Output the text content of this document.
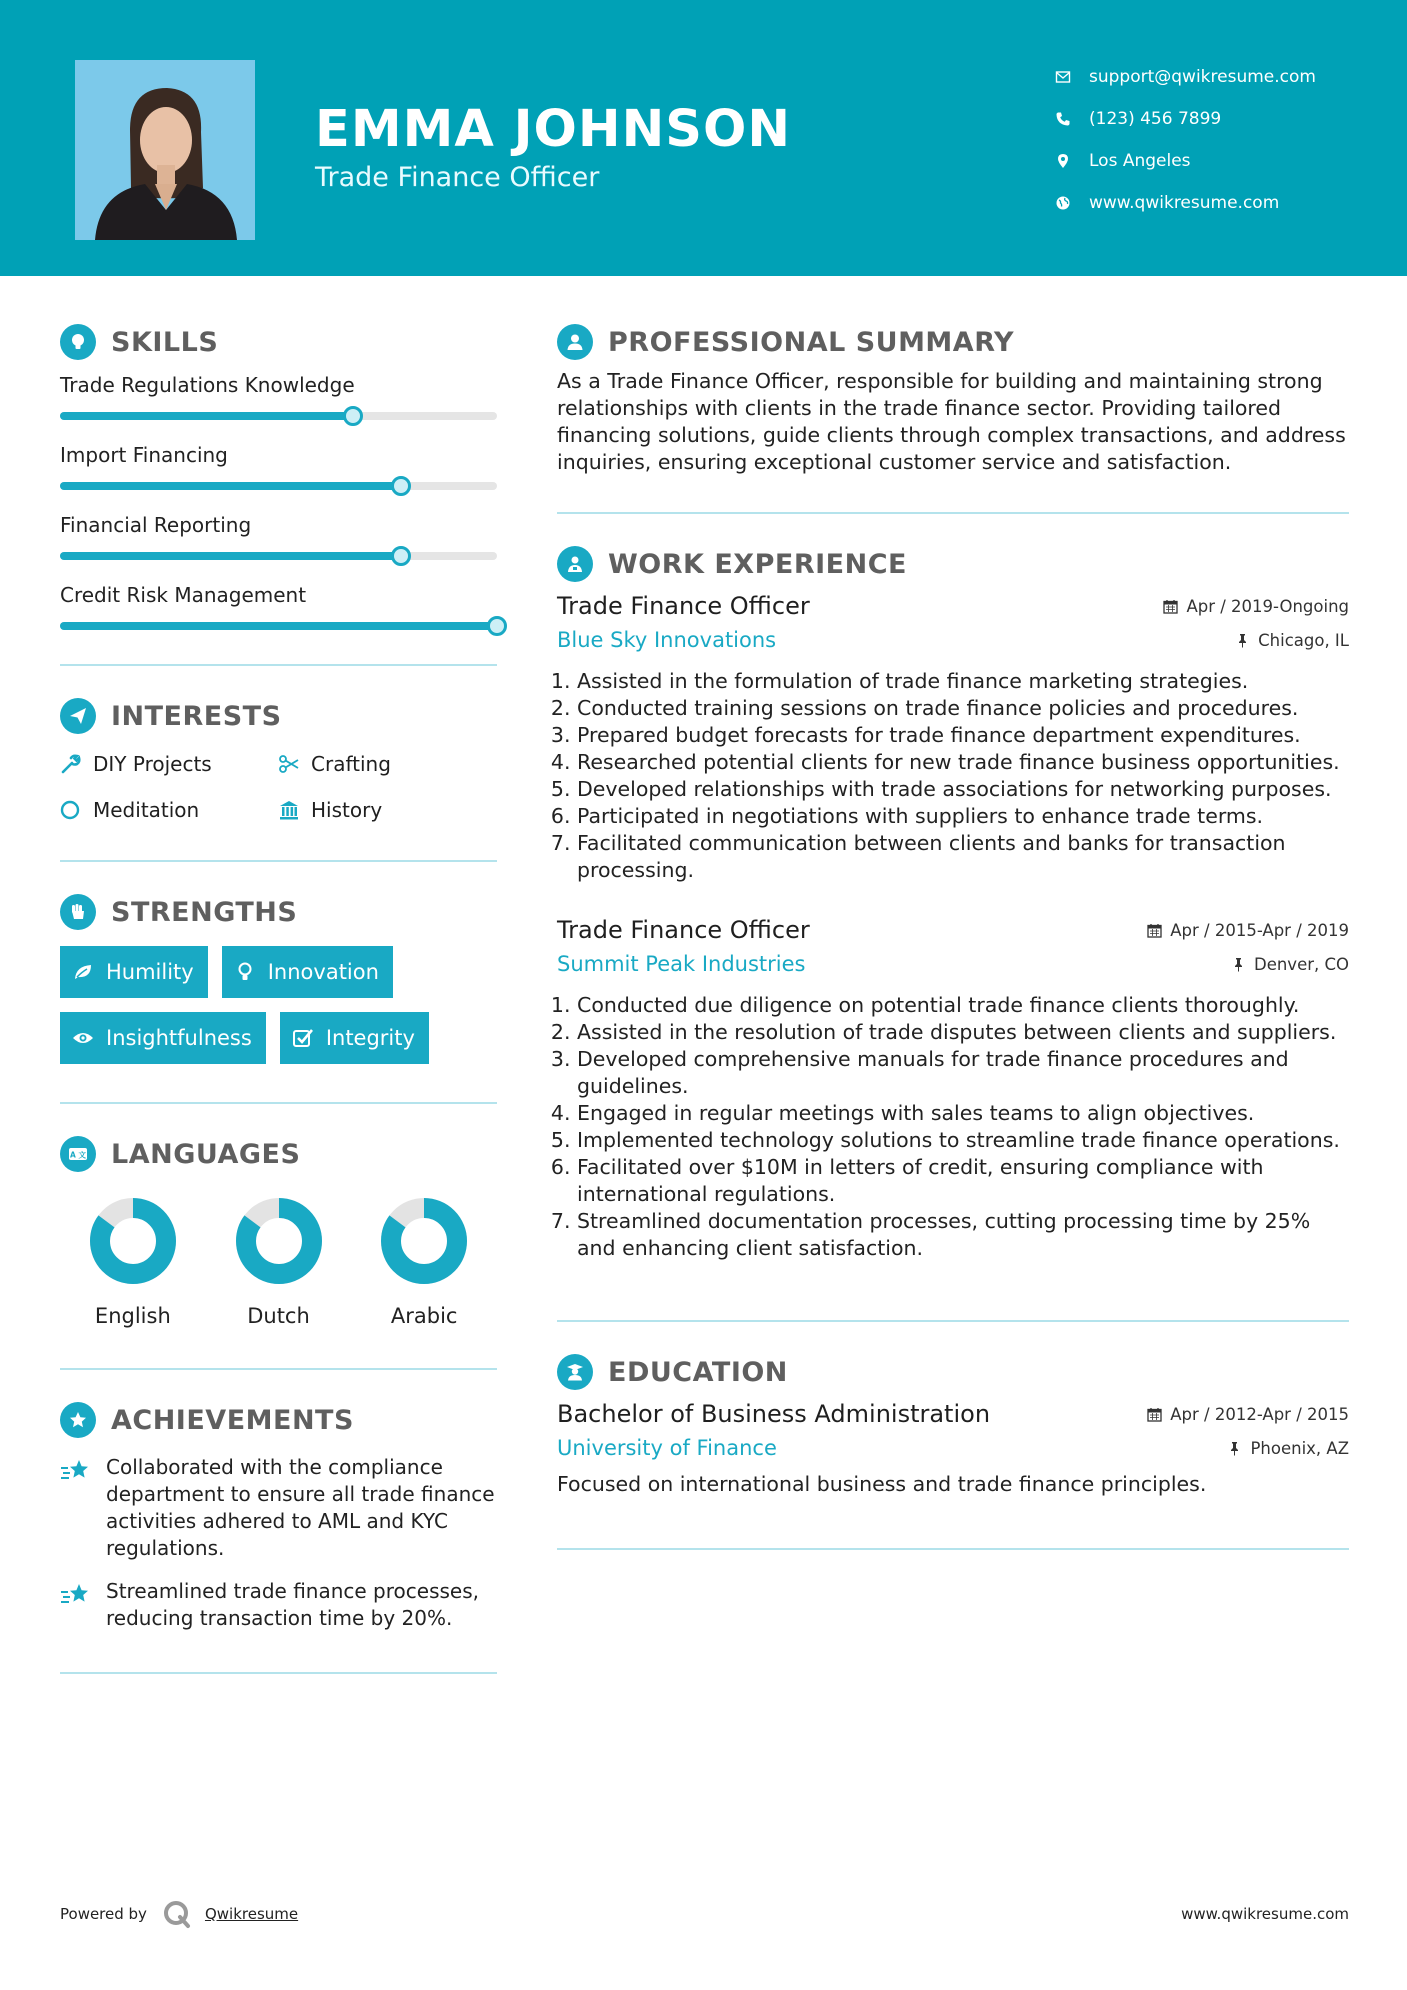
EMMA JOHNSON
Trade Finance Officer
support@qwikresume.com
(123) 456 7899
Los Angeles
www.qwikresume.com
SKILLS
Trade Regulations Knowledge
Import Financing
Financial Reporting
Credit Risk Management
INTERESTS
DIY Projects	Crafting
Meditation	History
STRENGTHS
Humility	Innovation
Insightfulness	Integrity
A 文 LANGUAGES
English	Dutch	Arabic
ACHIEVEMENTS
Collaborated with the compliance department to ensure all trade finance activities adhered to AML and KYC regulations.
Streamlined trade finance processes, reducing transaction time by 20%.
PROFESSIONAL SUMMARY
As a Trade Finance Officer, responsible for building and maintaining strong relationships with clients in the trade finance sector. Providing tailored financing solutions, guide clients through complex transactions, and address inquiries, ensuring exceptional customer service and satisfaction.
WORK EXPERIENCE
Trade Finance Officer	Apr / 2019-Ongoing
Blue Sky Innovations	Chicago, IL
1. Assisted in the formulation of trade finance marketing strategies.
2. Conducted training sessions on trade finance policies and procedures.
3. Prepared budget forecasts for trade finance department expenditures.
4. Researched potential clients for new trade finance business opportunities.
5. Developed relationships with trade associations for networking purposes.
6. Participated in negotiations with suppliers to enhance trade terms.
7. Facilitated communication between clients and banks for transaction processing.
Trade Finance Officer	Apr / 2015-Apr / 2019
Summit Peak Industries	Denver, CO
1. Conducted due diligence on potential trade finance clients thoroughly.
2. Assisted in the resolution of trade disputes between clients and suppliers.
3. Developed comprehensive manuals for trade finance procedures and guidelines.
4. Engaged in regular meetings with sales teams to align objectives.
5. Implemented technology solutions to streamline trade finance operations.
6. Facilitated over $10M in letters of credit, ensuring compliance with international regulations.
7. Streamlined documentation processes, cutting processing time by 25% and enhancing client satisfaction.
EDUCATION
Bachelor of Business Administration	Apr / 2012-Apr / 2015
University of Finance	Phoenix, AZ
Focused on international business and trade finance principles.
Powered by	Qwikresume	www.qwikresume.com
